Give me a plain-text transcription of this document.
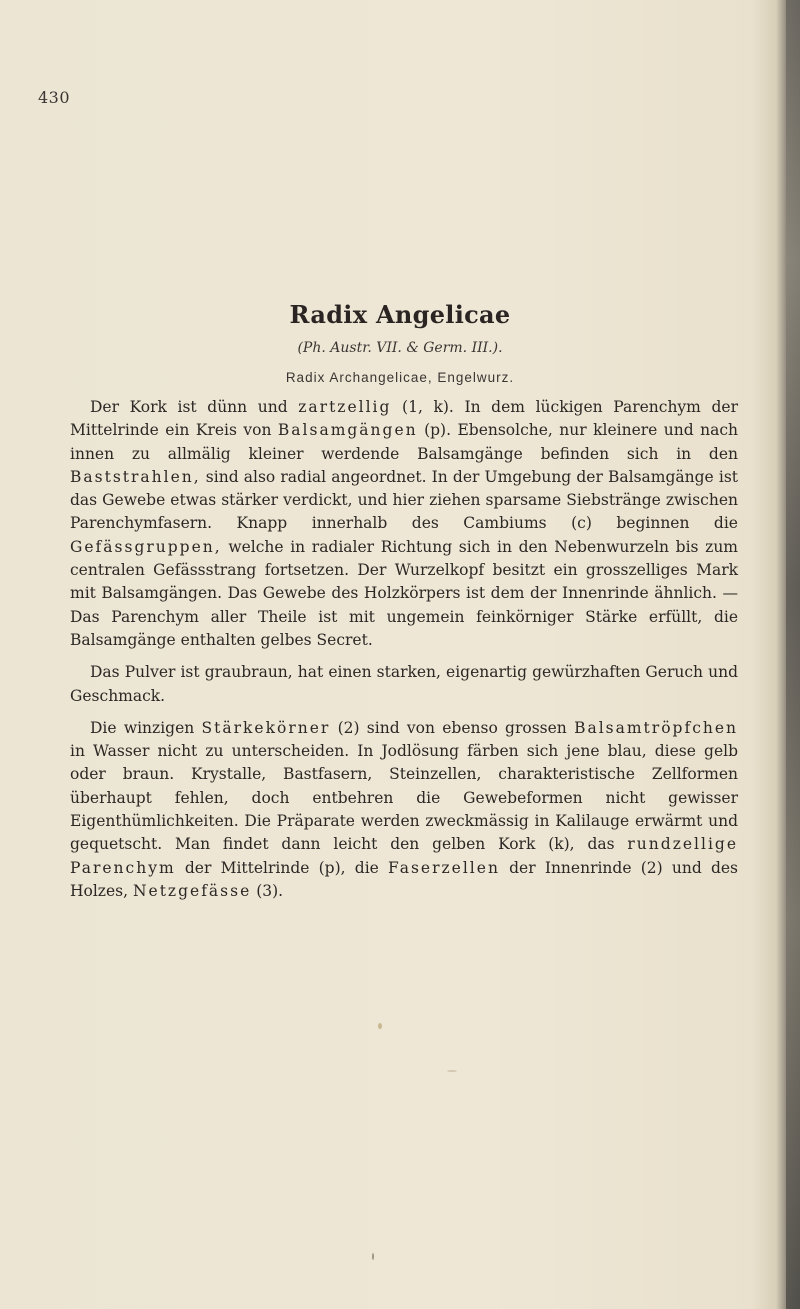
430
Radix Angelicae
(Ph. Austr. VII. & Germ. III.).
Radix Archangelicae, Engelwurz.

Der Kork ist dünn und zartzellig (1, k). In dem lückigen Parenchym der Mittelrinde ein Kreis von Balsamgängen (p). Ebensolche, nur kleinere und nach innen zu allmälig kleiner werdende Balsamgänge befinden sich in den Baststrahlen, sind also radial angeordnet. In der Umgebung der Balsamgänge ist das Gewebe etwas stärker verdickt, und hier ziehen sparsame Siebstränge zwischen Parenchymfasern. Knapp innerhalb des Cambiums (c) beginnen die Gefässgruppen, welche in radialer Richtung sich in den Nebenwurzeln bis zum centralen Gefässstrang fortsetzen. Der Wurzelkopf besitzt ein grosszelliges Mark mit Balsamgängen. Das Gewebe des Holzkörpers ist dem der Innenrinde ähnlich. — Das Parenchym aller Theile ist mit ungemein feinkörniger Stärke erfüllt, die Balsamgänge enthalten gelbes Secret.

Das Pulver ist graubraun, hat einen starken, eigenartig gewürzhaften Geruch und Geschmack.

Die winzigen Stärkekörner (2) sind von ebenso grossen Balsamtröpfchen in Wasser nicht zu unterscheiden. In Jodlösung färben sich jene blau, diese gelb oder braun. Krystalle, Bastfasern, Steinzellen, charakteristische Zellformen überhaupt fehlen, doch entbehren die Gewebeformen nicht gewisser Eigenthümlichkeiten. Die Präparate werden zweckmässig in Kalilauge erwärmt und gequetscht. Man findet dann leicht den gelben Kork (k), das rundzellige Parenchym der Mittelrinde (p), die Faserzellen der Innenrinde (2) und des Holzes, Netzgefässe (3).
